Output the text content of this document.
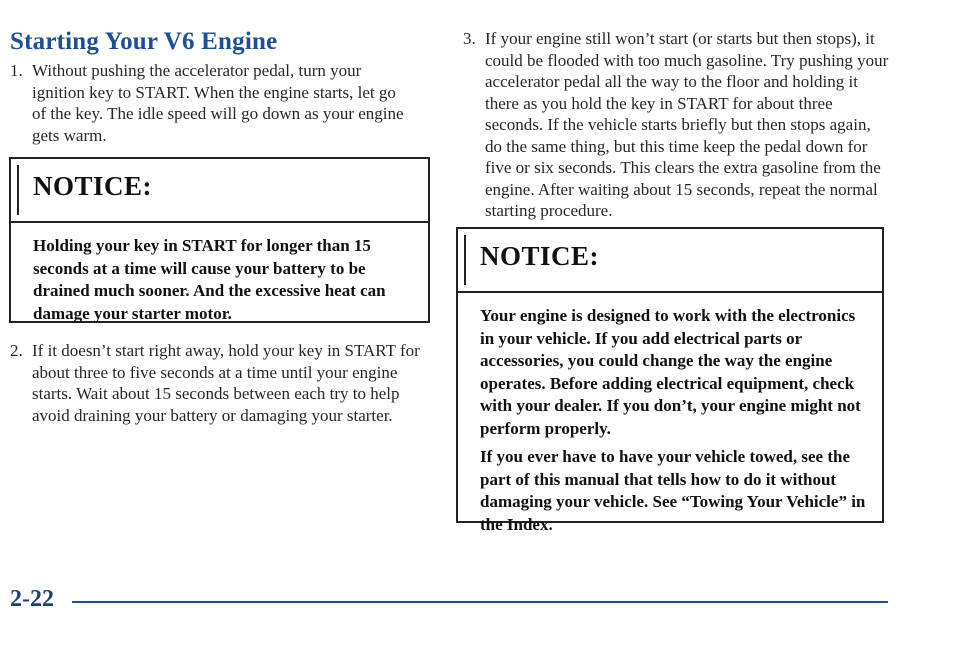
Starting Your V6 Engine
1. Without pushing the accelerator pedal, turn your ignition key to START. When the engine starts, let go of the key. The idle speed will go down as your engine gets warm.
NOTICE:

Holding your key in START for longer than 15 seconds at a time will cause your battery to be drained much sooner. And the excessive heat can damage your starter motor.

2. If it doesn’t start right away, hold your key in START for about three to five seconds at a time until your engine starts. Wait about 15 seconds between each try to help avoid draining your battery or damaging your starter.
3. If your engine still won’t start (or starts but then stops), it could be flooded with too much gasoline. Try pushing your accelerator pedal all the way to the floor and holding it there as you hold the key in START for about three seconds. If the vehicle starts briefly but then stops again, do the same thing, but this time keep the pedal down for five or six seconds. This clears the extra gasoline from the engine. After waiting about 15 seconds, repeat the normal starting procedure.
NOTICE:

Your engine is designed to work with the electronics in your vehicle. If you add electrical parts or accessories, you could change the way the engine operates. Before adding electrical equipment, check with your dealer. If you don’t, your engine might not perform properly.

If you ever have to have your vehicle towed, see the part of this manual that tells how to do it without damaging your vehicle. See “Towing Your Vehicle” in the Index.

2-22
